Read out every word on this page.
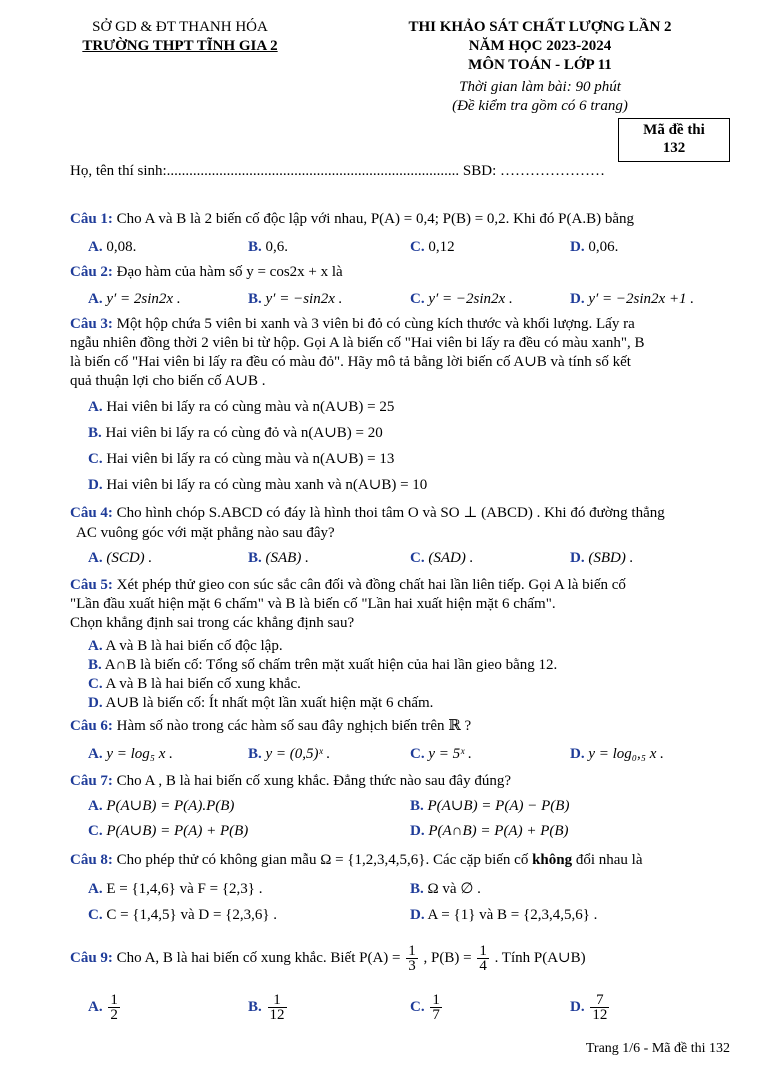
SỞ GD & ĐT THANH HÓA
TRƯỜNG THPT TĨNH GIA 2
THI KHẢO SÁT CHẤT LƯỢNG LẦN 2
NĂM HỌC 2023-2024
MÔN TOÁN - LỚP 11
Thời gian làm bài: 90 phút
(Đề kiểm tra gồm có 6 trang)
Mã đề thi
132
Họ, tên thí sinh:.............................................................................. SBD: …………………
Câu 1: Cho A và B là 2 biến cố độc lập với nhau, P(A) = 0,4; P(B) = 0,2. Khi đó P(A.B) bằng
A. 0,08.	B. 0,6.	C. 0,12	D. 0,06.
Câu 2: Đạo hàm của hàm số y = cos2x + x là
A. y′ = 2sin2x .	B. y′ = −sin2x .	C. y′ = −2sin2x .	D. y′ = −2sin2x +1 .
Câu 3: Một hộp chứa 5 viên bi xanh và 3 viên bi đỏ có cùng kích thước và khối lượng. Lấy ra
ngẫu nhiên đồng thời 2 viên bi từ hộp. Gọi A là biến cố "Hai viên bi lấy ra đều có màu xanh", B
là biến cố "Hai viên bi lấy ra đều có màu đỏ". Hãy mô tả bằng lời biến cố A∪B và tính số kết
quả thuận lợi cho biến cố A∪B .
A. Hai viên bi lấy ra có cùng màu và n(A∪B) = 25
B. Hai viên bi lấy ra có cùng đỏ và n(A∪B) = 20
C. Hai viên bi lấy ra có cùng màu và n(A∪B) = 13
D. Hai viên bi lấy ra có cùng màu xanh và n(A∪B) = 10
Câu 4: Cho hình chóp S.ABCD có đáy là hình thoi tâm O và SO ⊥ (ABCD) . Khi đó đường thẳng
AC vuông góc với mặt phẳng nào sau đây?
A. (SCD) .	B. (SAB) .	C. (SAD) .	D. (SBD) .
Câu 5: Xét phép thử gieo con súc sắc cân đối và đồng chất hai lần liên tiếp. Gọi A là biến cố
"Lần đầu xuất hiện mặt 6 chấm" và B là biến cố "Lần hai xuất hiện mặt 6 chấm".
Chọn khẳng định sai trong các khẳng định sau?
A. A và B là hai biến cố độc lập.
B. A∩B là biến cố: Tổng số chấm trên mặt xuất hiện của hai lần gieo bằng 12.
C. A và B là hai biến cố xung khắc.
D. A∪B là biến cố: Ít nhất một lần xuất hiện mặt 6 chấm.
Câu 6: Hàm số nào trong các hàm số sau đây nghịch biến trên ℝ ?
A. y = log₅ x .	B. y = (0,5)ˣ .	C. y = 5ˣ .	D. y = log₀,₅ x .
Câu 7: Cho A , B là hai biến cố xung khắc. Đẳng thức nào sau đây đúng?
A. P(A∪B) = P(A).P(B)	B. P(A∪B) = P(A) − P(B)
C. P(A∪B) = P(A) + P(B)	D. P(A∩B) = P(A) + P(B)
Câu 8: Cho phép thử có không gian mẫu Ω = {1,2,3,4,5,6}. Các cặp biến cố không đổi nhau là
A. E = {1,4,6} và F = {2,3} .	B. Ω và ∅ .
C. C = {1,4,5} và D = {2,3,6} .	D. A = {1} và B = {2,3,4,5,6} .
Câu 9: Cho A, B là hai biến cố xung khắc. Biết $P(A) = \frac{1}{3}$ , $P(B) = \frac{1}{4}$ . Tính P(A∪B)
A. $\frac{1}{2}$	B. $\frac{1}{12}$	C. $\frac{1}{7}$	D. $\frac{7}{12}$
Trang 1/6 - Mã đề thi 132
